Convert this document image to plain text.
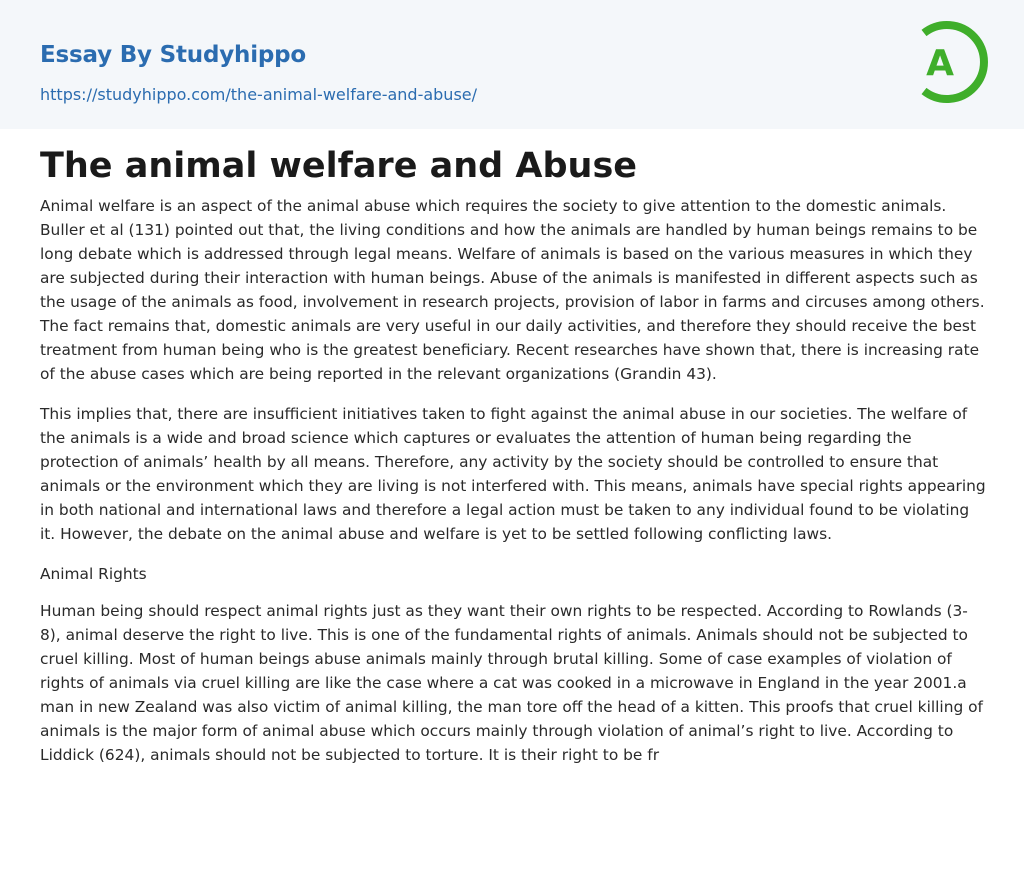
Essay By Studyhippo
https://studyhippo.com/the-animal-welfare-and-abuse/
A
The animal welfare and Abuse

Animal welfare is an aspect of the animal abuse which requires the society to give attention to the domestic animals. Buller et al (131) pointed out that, the living conditions and how the animals are handled by human beings remains to be long debate which is addressed through legal means. Welfare of animals is based on the various measures in which they are subjected during their interaction with human beings. Abuse of the animals is manifested in different aspects such as the usage of the animals as food, involvement in research projects, provision of labor in farms and circuses among others. The fact remains that, domestic animals are very useful in our daily activities, and therefore they should receive the best treatment from human being who is the greatest beneficiary. Recent researches have shown that, there is increasing rate of the abuse cases which are being reported in the relevant organizations (Grandin 43).

This implies that, there are insufficient initiatives taken to fight against the animal abuse in our societies. The welfare of the animals is a wide and broad science which captures or evaluates the attention of human being regarding the protection of animals’ health by all means. Therefore, any activity by the society should be controlled to ensure that animals or the environment which they are living is not interfered with. This means, animals have special rights appearing in both national and international laws and therefore a legal action must be taken to any individual found to be violating it. However, the debate on the animal abuse and welfare is yet to be settled following conflicting laws.

Animal Rights

Human being should respect animal rights just as they want their own rights to be respected. According to Rowlands (3-8), animal deserve the right to live. This is one of the fundamental rights of animals. Animals should not be subjected to cruel killing. Most of human beings abuse animals mainly through brutal killing. Some of case examples of violation of rights of animals via cruel killing are like the case where a cat was cooked in a microwave in England in the year 2001.a man in new Zealand was also victim of animal killing, the man tore off the head of a kitten. This proofs that cruel killing of animals is the major form of animal abuse which occurs mainly through violation of animal’s right to live. According to Liddick (624), animals should not be subjected to torture. It is their right to be fr
